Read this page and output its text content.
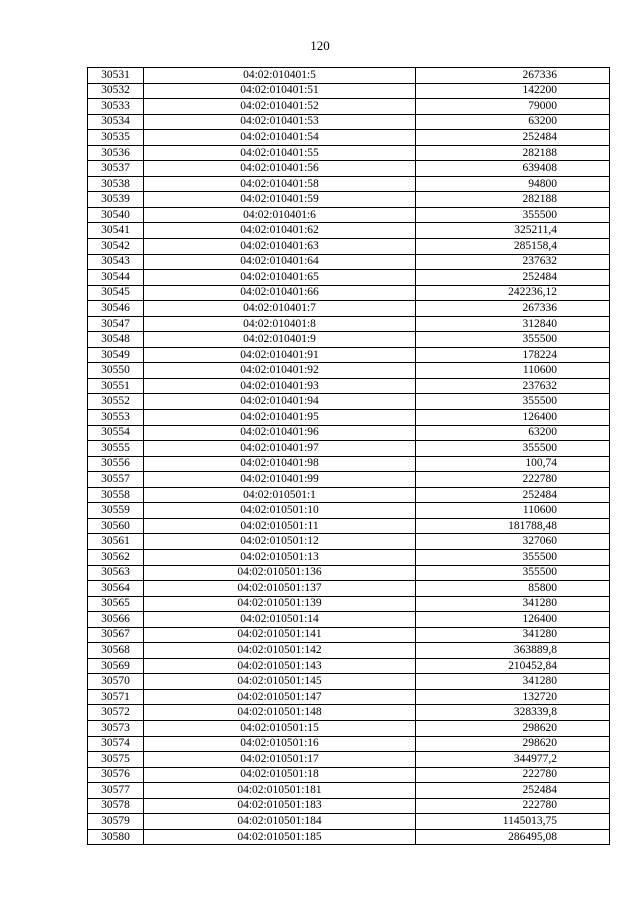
120
30531	04:02:010401:5	267336
30532	04:02:010401:51	142200
30533	04:02:010401:52	79000
30534	04:02:010401:53	63200
30535	04:02:010401:54	252484
30536	04:02:010401:55	282188
30537	04:02:010401:56	639408
30538	04:02:010401:58	94800
30539	04:02:010401:59	282188
30540	04:02:010401:6	355500
30541	04:02:010401:62	325211,4
30542	04:02:010401:63	285158,4
30543	04:02:010401:64	237632
30544	04:02:010401:65	252484
30545	04:02:010401:66	242236,12
30546	04:02:010401:7	267336
30547	04:02:010401:8	312840
30548	04:02:010401:9	355500
30549	04:02:010401:91	178224
30550	04:02:010401:92	110600
30551	04:02:010401:93	237632
30552	04:02:010401:94	355500
30553	04:02:010401:95	126400
30554	04:02:010401:96	63200
30555	04:02:010401:97	355500
30556	04:02:010401:98	100,74
30557	04:02:010401:99	222780
30558	04:02:010501:1	252484
30559	04:02:010501:10	110600
30560	04:02:010501:11	181788,48
30561	04:02:010501:12	327060
30562	04:02:010501:13	355500
30563	04:02:010501:136	355500
30564	04:02:010501:137	85800
30565	04:02:010501:139	341280
30566	04:02:010501:14	126400
30567	04:02:010501:141	341280
30568	04:02:010501:142	363889,8
30569	04:02:010501:143	210452,84
30570	04:02:010501:145	341280
30571	04:02:010501:147	132720
30572	04:02:010501:148	328339,8
30573	04:02:010501:15	298620
30574	04:02:010501:16	298620
30575	04:02:010501:17	344977,2
30576	04:02:010501:18	222780
30577	04:02:010501:181	252484
30578	04:02:010501:183	222780
30579	04:02:010501:184	1145013,75
30580	04:02:010501:185	286495,08
